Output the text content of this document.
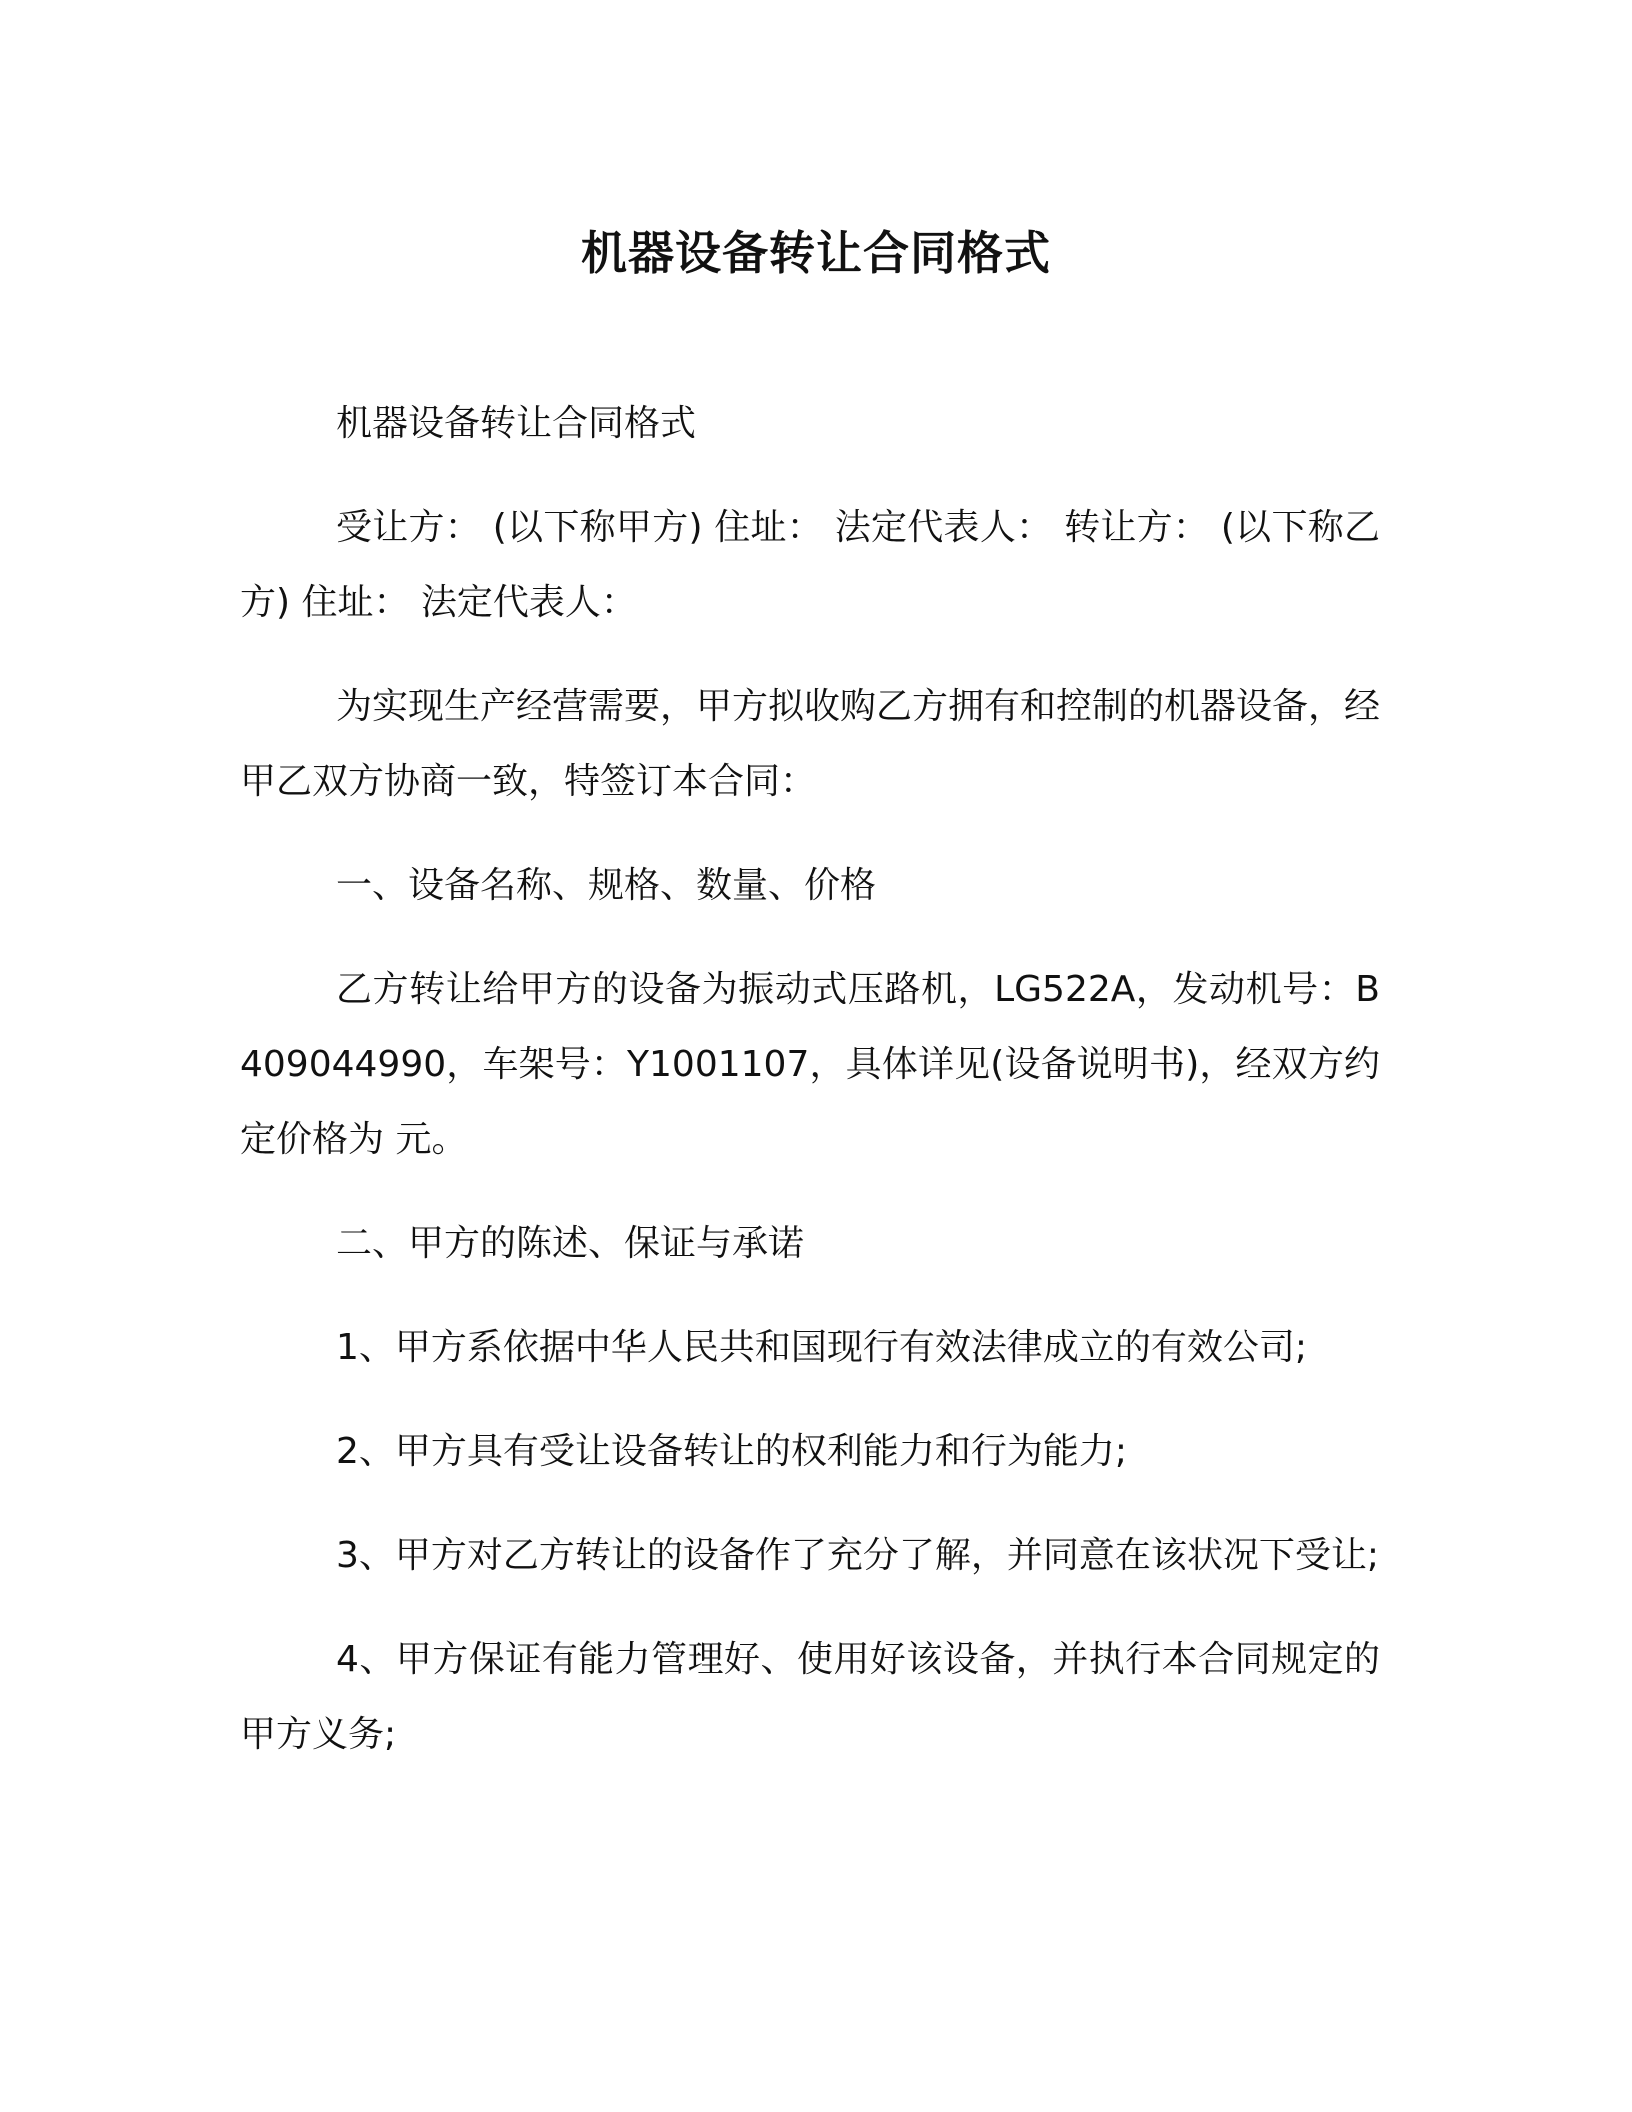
机器设备转让合同格式

机器设备转让合同格式

受让方： (以下称甲方) 住址： 法定代表人： 转让方： (以下称乙方) 住址： 法定代表人：

为实现生产经营需要，甲方拟收购乙方拥有和控制的机器设备，经甲乙双方协商一致，特签订本合同：

一、设备名称、规格、数量、价格

乙方转让给甲方的设备为振动式压路机，LG522A，发动机号：B409044990，车架号：Y1001107，具体详见(设备说明书)，经双方约定价格为 元。

二、甲方的陈述、保证与承诺

1、甲方系依据中华人民共和国现行有效法律成立的有效公司;

2、甲方具有受让设备转让的权利能力和行为能力;

3、甲方对乙方转让的设备作了充分了解，并同意在该状况下受让;

4、甲方保证有能力管理好、使用好该设备，并执行本合同规定的甲方义务;
